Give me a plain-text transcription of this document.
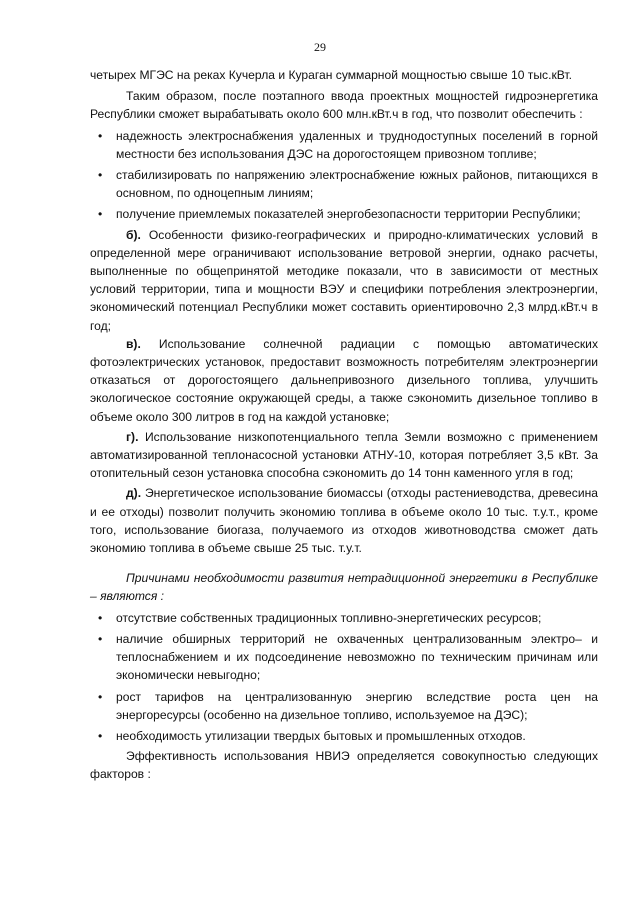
29

четырех МГЭС на реках Кучерла и Кураган суммарной мощностью свыше 10 тыс.кВт.

Таким образом, после поэтапного ввода проектных мощностей гидроэнергетика Республики сможет вырабатывать около 600 млн.кВт.ч в год, что позволит обеспечить :

• надежность электроснабжения удаленных и труднодоступных поселений в горной местности без использования ДЭС на дорогостоящем привозном топливе;
• стабилизировать по напряжению электроснабжение южных районов, питающихся в основном, по одноцепным линиям;
• получение приемлемых показателей энергобезопасности территории Республики;

б). Особенности физико-географических и природно-климатических условий в определенной мере ограничивают использование ветровой энергии, однако расчеты, выполненные по общепринятой методике показали, что в зависимости от местных условий территории, типа и мощности ВЭУ и специфики потребления электроэнергии, экономический потенциал Республики может составить ориентировочно 2,3 млрд.кВт.ч в год;

в). Использование солнечной радиации с помощью автоматических фотоэлектрических установок, предоставит возможность потребителям электроэнергии отказаться от дорогостоящего дальнепривозного дизельного топлива, улучшить экологическое состояние окружающей среды, а также сэкономить дизельное топливо в объеме около 300 литров в год на каждой установке;

г). Использование низкопотенциального тепла Земли возможно с применением автоматизированной теплонасосной установки АТНУ-10, которая потребляет 3,5 кВт. За отопительный сезон установка способна сэкономить до 14 тонн каменного угля в год;

д). Энергетическое использование биомассы (отходы растениеводства, древесина и ее отходы) позволит получить экономию топлива в объеме около 10 тыс. т.у.т., кроме того, использование биогаза, получаемого из отходов животноводства сможет дать экономию топлива в объеме свыше 25 тыс. т.у.т.

Причинами необходимости развития нетрадиционной энергетики в Республике – являются :

• отсутствие собственных традиционных топливно-энергетических ресурсов;
• наличие обширных территорий не охваченных централизованным электро– и теплоснабжением и их подсоединение невозможно по техническим причинам или экономически невыгодно;
• рост тарифов на централизованную энергию вследствие роста цен на энергоресурсы (особенно на дизельное топливо, используемое на ДЭС);
• необходимость утилизации твердых бытовых и промышленных отходов.

Эффективность использования НВИЭ определяется совокупностью следующих факторов :
